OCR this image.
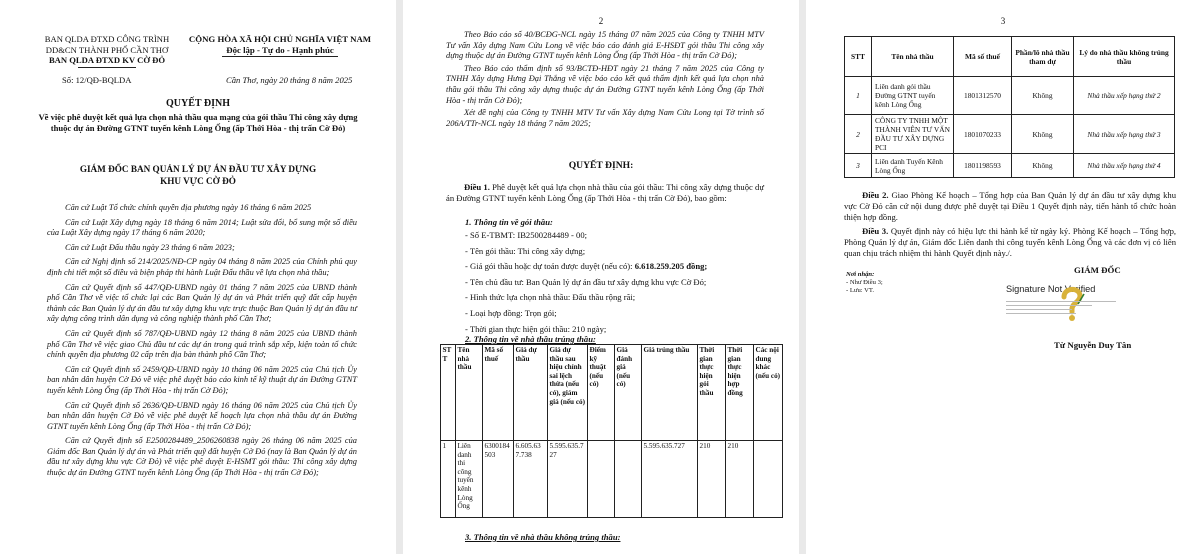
BAN QLDA ĐTXD CÔNG TRÌNH
DD&CN THÀNH PHỐ CẦN THƠ
BAN QLDA ĐTXD KV CỜ ĐỎ
CỘNG HÒA XÃ HỘI CHỦ NGHĨA VIỆT NAM
Độc lập - Tự do - Hạnh phúc
Số: 12/QĐ-BQLDA	Cần Thơ, ngày 20 tháng 8 năm 2025
QUYẾT ĐỊNH
Về việc phê duyệt kết quả lựa chọn nhà thầu qua mạng của gói thầu Thi công xây dựng thuộc dự án Đường GTNT tuyến kênh Lòng Ống (ấp Thới Hòa - thị trấn Cờ Đỏ)
GIÁM ĐỐC BAN QUẢN LÝ DỰ ÁN ĐẦU TƯ XÂY DỰNG KHU VỰC CỜ ĐỎ

Căn cứ Luật Tổ chức chính quyền địa phương ngày 16 tháng 6 năm 2025

Căn cứ Luật Xây dựng ngày 18 tháng 6 năm 2014; Luật sửa đổi, bổ sung một số điều của Luật Xây dựng ngày 17 tháng 6 năm 2020;

Căn cứ Luật Đấu thầu ngày 23 tháng 6 năm 2023;

Căn cứ Nghị định số 214/2025/NĐ-CP ngày 04 tháng 8 năm 2025 của Chính phủ quy định chi tiết một số điều và biện pháp thi hành Luật Đấu thầu về lựa chọn nhà thầu;

Căn cứ Quyết định số 447/QĐ-UBND ngày 01 tháng 7 năm 2025 của UBND thành phố Cần Thơ về việc tổ chức lại các Ban Quản lý dự án và Phát triển quỹ đất cấp huyện thành các Ban Quản lý dự án đầu tư xây dựng khu vực trực thuộc Ban Quản lý dự án đầu tư xây dựng công trình dân dụng và công nghiệp thành phố Cần Thơ;

Căn cứ Quyết định số 787/QĐ-UBND ngày 12 tháng 8 năm 2025 của UBND thành phố Cần Thơ về việc giao Chủ đầu tư các dự án trong quá trình sắp xếp, kiện toàn tổ chức chính quyền địa phương 02 cấp trên địa bàn thành phố Cần Thơ;

Căn cứ Quyết định số 2459/QĐ-UBND ngày 10 tháng 06 năm 2025 của Chủ tịch Ủy ban nhân dân huyện Cờ Đỏ về việc phê duyệt báo cáo kinh tế kỹ thuật dự án Đường GTNT tuyến kênh Lòng Ống (ấp Thới Hòa - thị trấn Cờ Đỏ);

Căn cứ Quyết định số 2636/QĐ-UBND ngày 16 tháng 06 năm 2025 của Chủ tịch Ủy ban nhân dân huyện Cờ Đỏ về việc phê duyệt kế hoạch lựa chọn nhà thầu dự án Đường GTNT tuyến kênh Lòng Ống (ấp Thới Hòa - thị trấn Cờ Đỏ);

Căn cứ Quyết định số E2500284489_2506260838 ngày 26 tháng 06 năm 2025 của Giám đốc Ban Quản lý dự án và Phát triển quỹ đất huyện Cờ Đỏ (nay là Ban Quản lý dự án đầu tư xây dựng khu vực Cờ Đỏ) về việc phê duyệt E-HSMT gói thầu: Thi công xây dựng thuộc dự án Đường GTNT tuyến kênh Lòng Ống (ấp Thới Hòa - thị trấn Cờ Đỏ);

2

Theo Báo cáo số 40/BCĐG-NCL ngày 15 tháng 07 năm 2025 của Công ty TNHH MTV Tư vấn Xây dựng Nam Cửu Long về việc báo cáo đánh giá E-HSĐT gói thầu Thi công xây dựng thuộc dự án Đường GTNT tuyến kênh Lòng Ống (ấp Thới Hòa - thị trấn Cờ Đỏ);

Theo Báo cáo thẩm định số 93/BCTĐ-HĐT ngày 21 tháng 7 năm 2025 của Công ty TNHH Xây dựng Hưng Đại Thắng về việc báo cáo kết quả thẩm định kết quả lựa chọn nhà thầu gói thầu Thi công xây dựng thuộc dự án Đường GTNT tuyến kênh Lòng Ống (ấp Thới Hòa - thị trấn Cờ Đỏ);

Xét đề nghị của Công ty TNHH MTV Tư vấn Xây dựng Nam Cửu Long tại Tờ trình số 206A/TTr-NCL ngày 18 tháng 7 năm 2025;

QUYẾT ĐỊNH:

Điều 1. Phê duyệt kết quả lựa chọn nhà thầu của gói thầu: Thi công xây dựng thuộc dự án Đường GTNT tuyến kênh Lòng Ống (ấp Thới Hòa - thị trấn Cờ Đỏ), bao gồm:

1. Thông tin về gói thầu:
- Số E-TBMT: IB2500284489 - 00;
- Tên gói thầu: Thi công xây dựng;
- Giá gói thầu hoặc dự toán được duyệt (nếu có): 6.618.259.205 đồng;
- Tên chủ đầu tư: Ban Quản lý dự án đầu tư xây dựng khu vực Cờ Đỏ;
- Hình thức lựa chọn nhà thầu: Đấu thầu rộng rãi;
- Loại hợp đồng: Trọn gói;
- Thời gian thực hiện gói thầu: 210 ngày;
2. Thông tin về nhà thầu trúng thầu:
ST T	Tên nhà thầu	Mã số thuế	Giá dự thầu	Giá dự thầu sau hiệu chỉnh sai lệch thừa (nếu có), giảm giá (nếu có)	Điểm kỹ thuật (nếu có)	Giá đánh giá (nếu có)	Giá trúng thầu	Thời gian thực hiện gói thầu	Thời gian thực hiện hợp đồng	Các nội dung khác (nếu có)
1	Liên danh thi công tuyến kênh Lòng Ống	6300184503	6.605.637.738	5.595.635.727			5.595.635.727	210	210	
3. Thông tin về nhà thầu không trúng thầu:
3
STT	Tên nhà thầu	Mã số thuế	Phần/lô nhà thầu tham dự	Lý do nhà thầu không trúng thầu
1	Liên danh gói thầu Đường GTNT tuyến kênh Lòng Ống	1801312570	Không	Nhà thầu xếp hạng thứ 2
2	CÔNG TY TNHH MỘT THÀNH VIÊN TƯ VẤN ĐẦU TƯ XÂY DỰNG PCI	1801070233	Không	Nhà thầu xếp hạng thứ 3
3	Liên danh Tuyến Kênh Lòng Ống	1801198593	Không	Nhà thầu xếp hạng thứ 4

Điều 2. Giao Phòng Kế hoạch – Tổng hợp của Ban Quản lý dự án đầu tư xây dựng khu vực Cờ Đỏ căn cứ nội dung được phê duyệt tại Điều 1 Quyết định này, tiến hành tổ chức hoàn thiện hợp đồng.

Điều 3. Quyết định này có hiệu lực thi hành kể từ ngày ký. Phòng Kế hoạch – Tổng hợp, Phòng Quản lý dự án, Giám đốc Liên danh thi công tuyến kênh Lòng Ống và các đơn vị có liên quan chịu trách nhiệm thi hành Quyết định này./.

GIÁM ĐỐC
Nơi nhận:
- Như Điều 3;
- Lưu: VT.	Signature Not Verified
Từ Nguyễn Duy Tân
